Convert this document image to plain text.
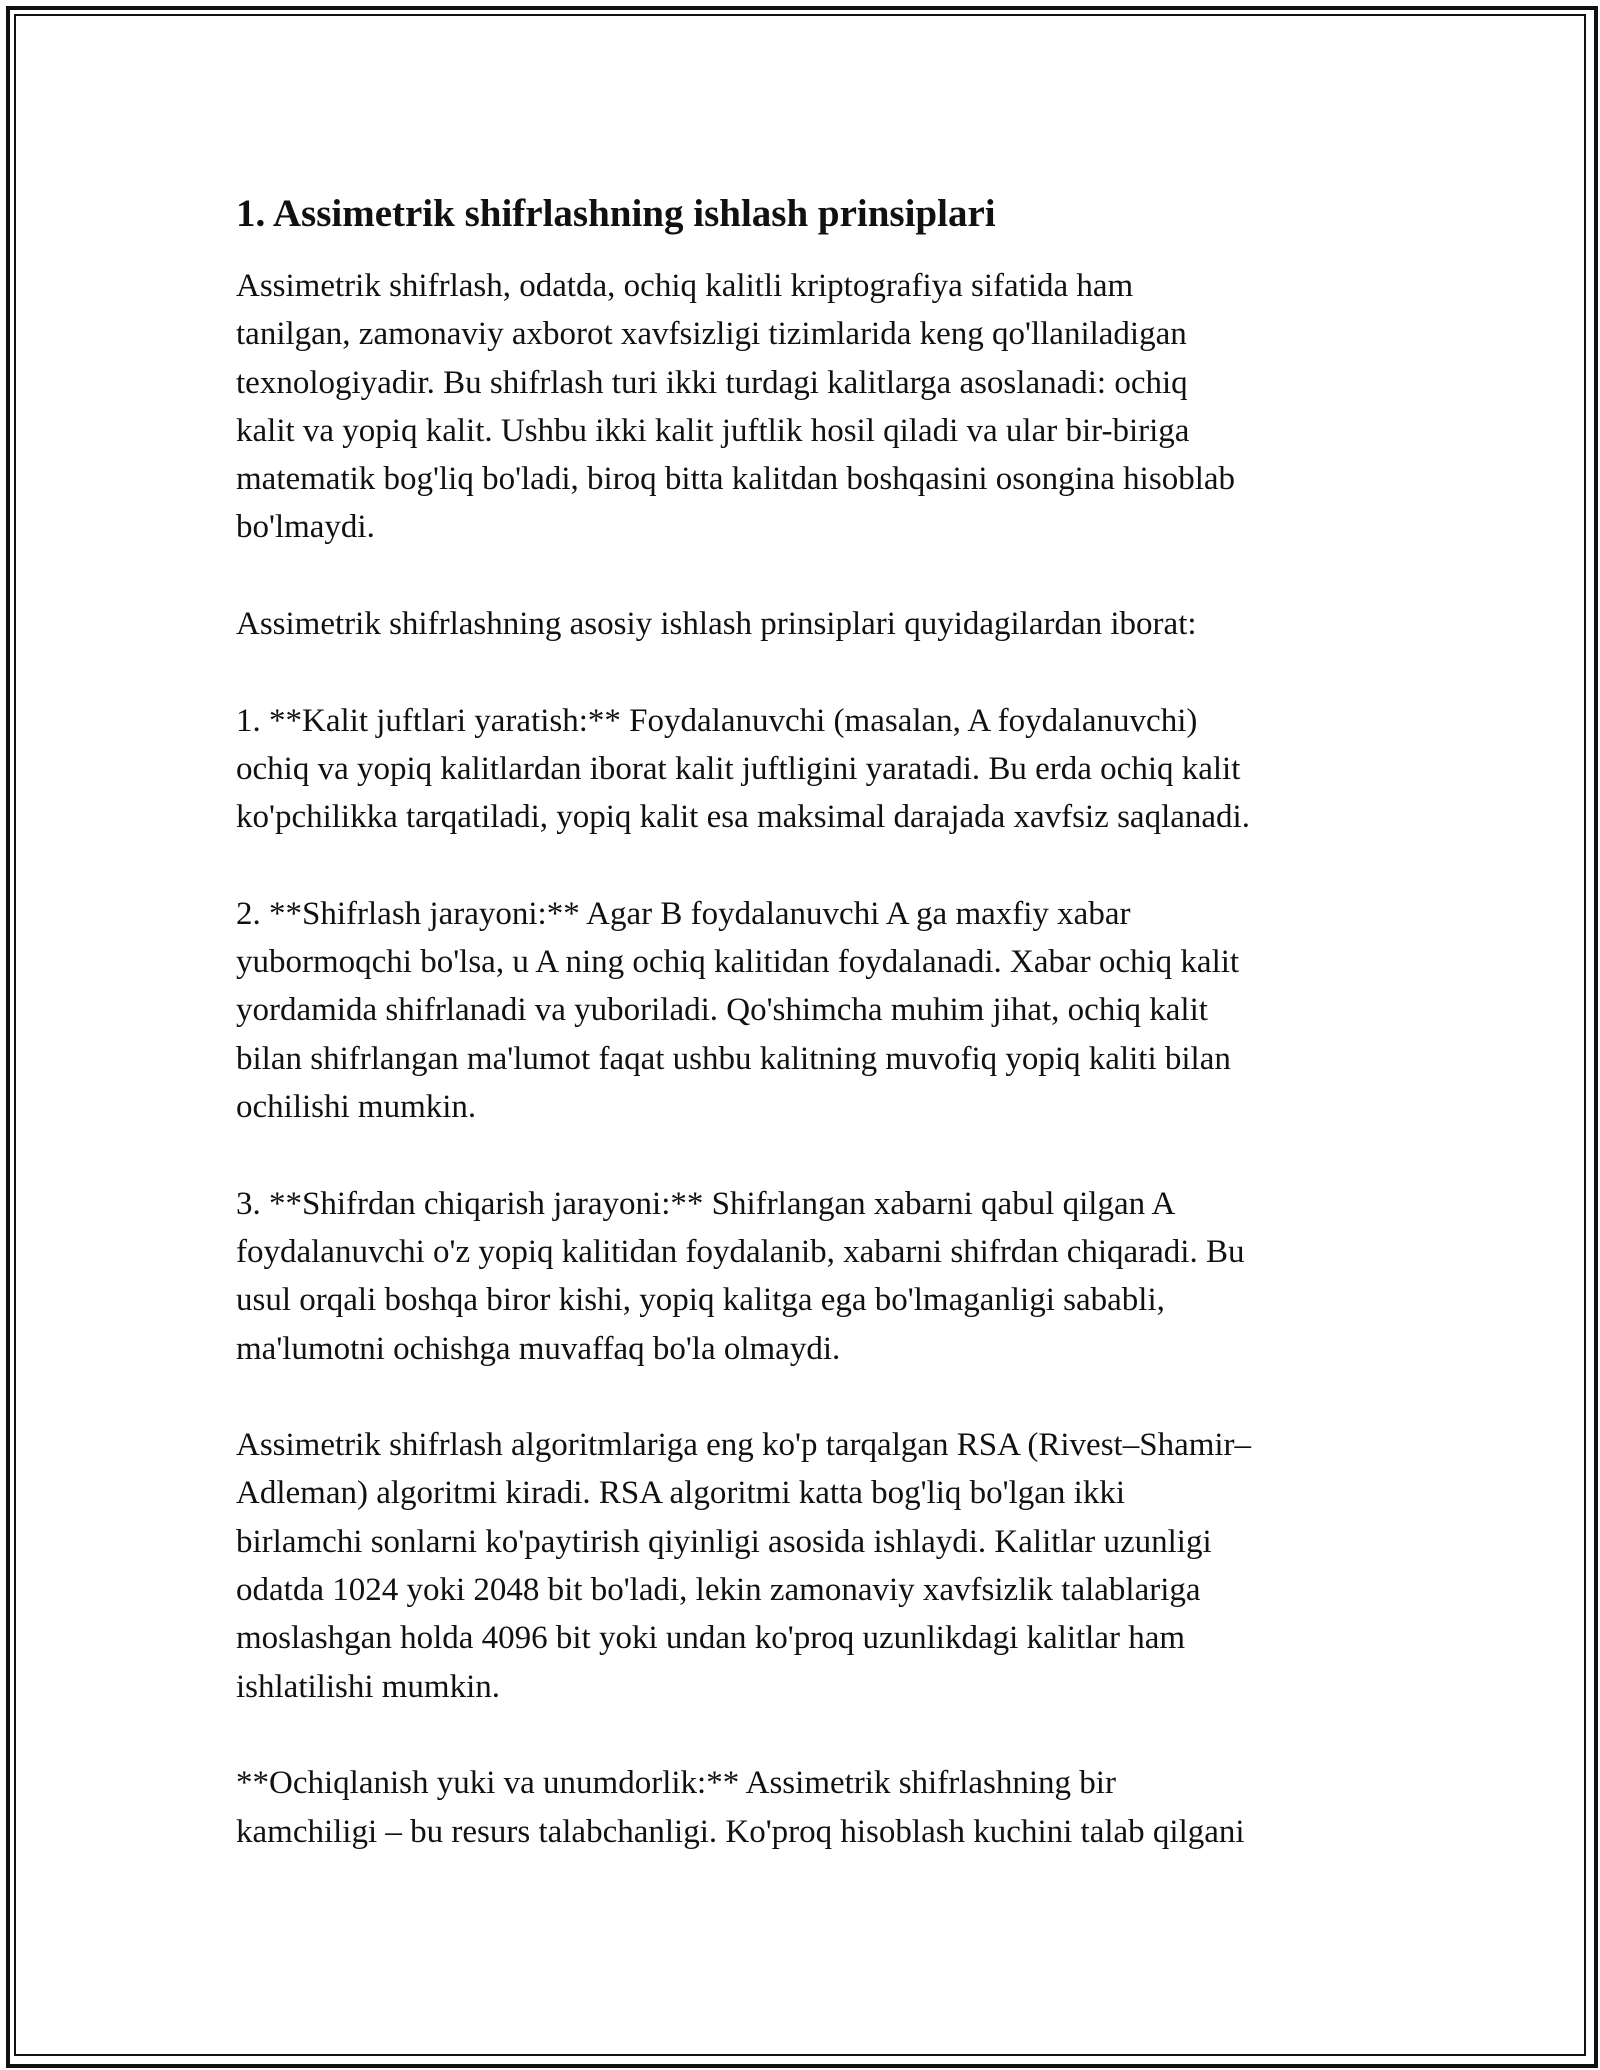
1. Assimetrik shifrlashning ishlash prinsiplari

Assimetrik shifrlash, odatda, ochiq kalitli kriptografiya sifatida ham
tanilgan, zamonaviy axborot xavfsizligi tizimlarida keng qo'llaniladigan
texnologiyadir. Bu shifrlash turi ikki turdagi kalitlarga asoslanadi: ochiq
kalit va yopiq kalit. Ushbu ikki kalit juftlik hosil qiladi va ular bir-biriga
matematik bog'liq bo'ladi, biroq bitta kalitdan boshqasini osongina hisoblab
bo'lmaydi.

Assimetrik shifrlashning asosiy ishlash prinsiplari quyidagilardan iborat:

1. **Kalit juftlari yaratish:** Foydalanuvchi (masalan, A foydalanuvchi)
ochiq va yopiq kalitlardan iborat kalit juftligini yaratadi. Bu erda ochiq kalit
ko'pchilikka tarqatiladi, yopiq kalit esa maksimal darajada xavfsiz saqlanadi.

2. **Shifrlash jarayoni:** Agar B foydalanuvchi A ga maxfiy xabar
yubormoqchi bo'lsa, u A ning ochiq kalitidan foydalanadi. Xabar ochiq kalit
yordamida shifrlanadi va yuboriladi. Qo'shimcha muhim jihat, ochiq kalit
bilan shifrlangan ma'lumot faqat ushbu kalitning muvofiq yopiq kaliti bilan
ochilishi mumkin.

3. **Shifrdan chiqarish jarayoni:** Shifrlangan xabarni qabul qilgan A
foydalanuvchi o'z yopiq kalitidan foydalanib, xabarni shifrdan chiqaradi. Bu
usul orqali boshqa biror kishi, yopiq kalitga ega bo'lmaganligi sababli,
ma'lumotni ochishga muvaffaq bo'la olmaydi.

Assimetrik shifrlash algoritmlariga eng ko'p tarqalgan RSA (Rivest–Shamir–
Adleman) algoritmi kiradi. RSA algoritmi katta bog'liq bo'lgan ikki
birlamchi sonlarni ko'paytirish qiyinligi asosida ishlaydi. Kalitlar uzunligi
odatda 1024 yoki 2048 bit bo'ladi, lekin zamonaviy xavfsizlik talablariga
moslashgan holda 4096 bit yoki undan ko'proq uzunlikdagi kalitlar ham
ishlatilishi mumkin.

**Ochiqlanish yuki va unumdorlik:** Assimetrik shifrlashning bir
kamchiligi – bu resurs talabchanligi. Ko'proq hisoblash kuchini talab qilgani
